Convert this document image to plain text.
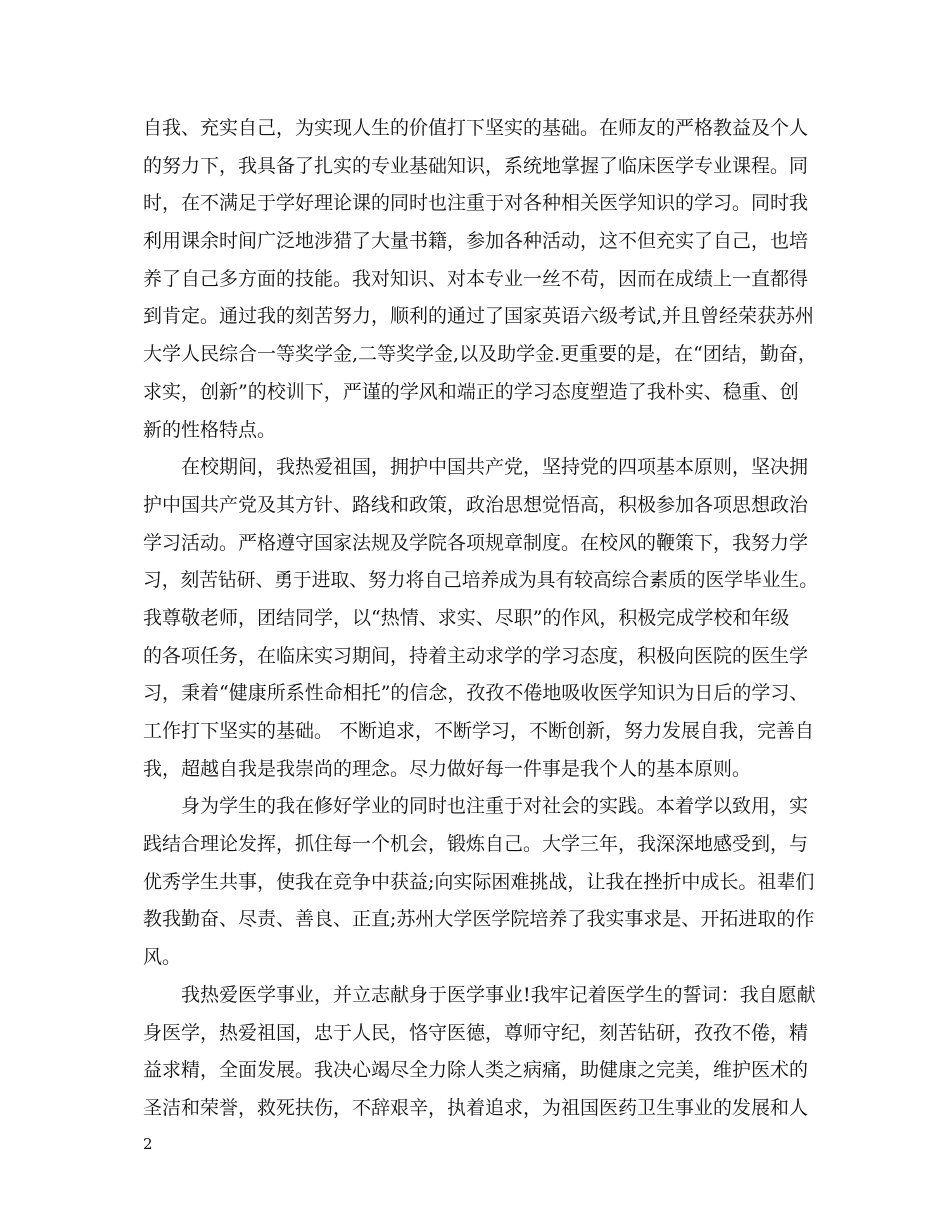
自我、充实自己，为实现人生的价值打下坚实的基础。在师友的严格教益及个人
的努力下，我具备了扎实的专业基础知识，系统地掌握了临床医学专业课程。同
时，在不满足于学好理论课的同时也注重于对各种相关医学知识的学习。同时我
利用课余时间广泛地涉猎了大量书籍，参加各种活动，这不但充实了自己，也培
养了自己多方面的技能。我对知识、对本专业一丝不苟，因而在成绩上一直都得
到肯定。通过我的刻苦努力，顺利的通过了国家英语六级考试,并且曾经荣获苏州
大学人民综合一等奖学金,二等奖学金,以及助学金.更重要的是，在“团结，勤奋，
求实，创新”的校训下，严谨的学风和端正的学习态度塑造了我朴实、稳重、创
新的性格特点。
在校期间，我热爱祖国，拥护中国共产党，坚持党的四项基本原则，坚决拥
护中国共产党及其方针、路线和政策，政治思想觉悟高，积极参加各项思想政治
学习活动。严格遵守国家法规及学院各项规章制度。在校风的鞭策下，我努力学
习，刻苦钻研、勇于进取、努力将自己培养成为具有较高综合素质的医学毕业生。
我尊敬老师，团结同学，以“热情、求实、尽职”的作风，积极完成学校和年级
的各项任务，在临床实习期间，持着主动求学的学习态度，积极向医院的医生学
习，秉着“健康所系性命相托”的信念，孜孜不倦地吸收医学知识为日后的学习、
工作打下坚实的基础。 不断追求，不断学习，不断创新，努力发展自我，完善自
我，超越自我是我崇尚的理念。尽力做好每一件事是我个人的基本原则。
身为学生的我在修好学业的同时也注重于对社会的实践。本着学以致用，实
践结合理论发挥，抓住每一个机会，锻炼自己。大学三年，我深深地感受到，与
优秀学生共事，使我在竞争中获益;向实际困难挑战，让我在挫折中成长。祖辈们
教我勤奋、尽责、善良、正直;苏州大学医学院培养了我实事求是、开拓进取的作
风。
我热爱医学事业，并立志献身于医学事业!我牢记着医学生的誓词：我自愿献
身医学，热爱祖国，忠于人民，恪守医德，尊师守纪，刻苦钻研，孜孜不倦，精
益求精，全面发展。我决心竭尽全力除人类之病痛，助健康之完美，维护医术的
圣洁和荣誉，救死扶伤，不辞艰辛，执着追求，为祖国医药卫生事业的发展和人
2
